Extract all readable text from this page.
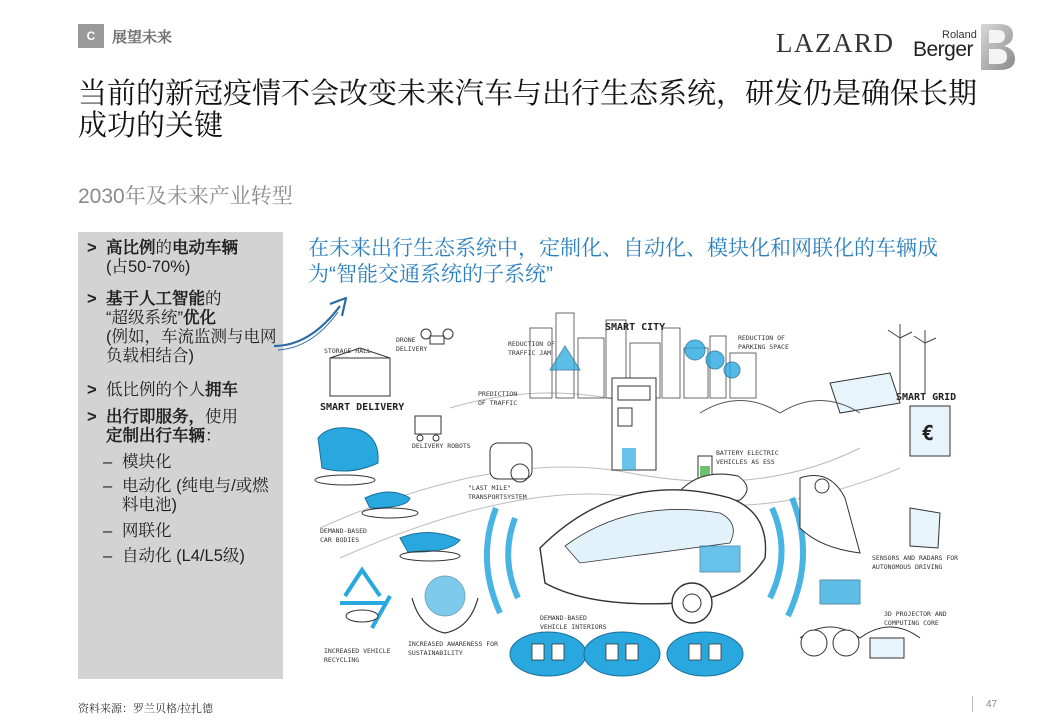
C	展望未来	LAZARD	Roland
Berger
当前的新冠疫情不会改变未来汽车与出行生态系统，研发仍是确保长期成功的关键
2030年及未来产业转型
> 高比例的电动车辆
(占50-70%)
> 基于人工智能的
“超级系统”优化
(例如，车流监测与电网负载相结合)
> 低比例的个人拥车
> 出行即服务，使用
定制出行车辆：
– 模块化
– 电动化 (纯电与/或燃料电池)
– 网联化
– 自动化 (L4/L5级)
在未来出行生态系统中，定制化、自动化、模块化和网联化的车辆成为“智能交通系统的子系统”
€
SMART CITY
SMART DELIVERY
SMART GRID
STORAGE HALL
DRONE
DELIVERY
REDUCTION OF
TRAFFIC JAM
REDUCTION OF
PARKING SPACE
PREDICTION
OF TRAFFIC
DELIVERY ROBOTS
BATTERY ELECTRIC
VEHICLES AS ESS
"LAST MILE"
TRANSPORTSYSTEM
DEMAND-BASED
CAR BODIES
SENSORS AND RADARS FOR
AUTONOMOUS DRIVING
DEMAND-BASED
VEHICLE INTERIORS
INCREASED AWARENESS FOR
SUSTAINABILITY
INCREASED VEHICLE
RECYCLING
3D PROJECTOR AND
COMPUTING CORE
资料来源：罗兰贝格/拉扎德	47
